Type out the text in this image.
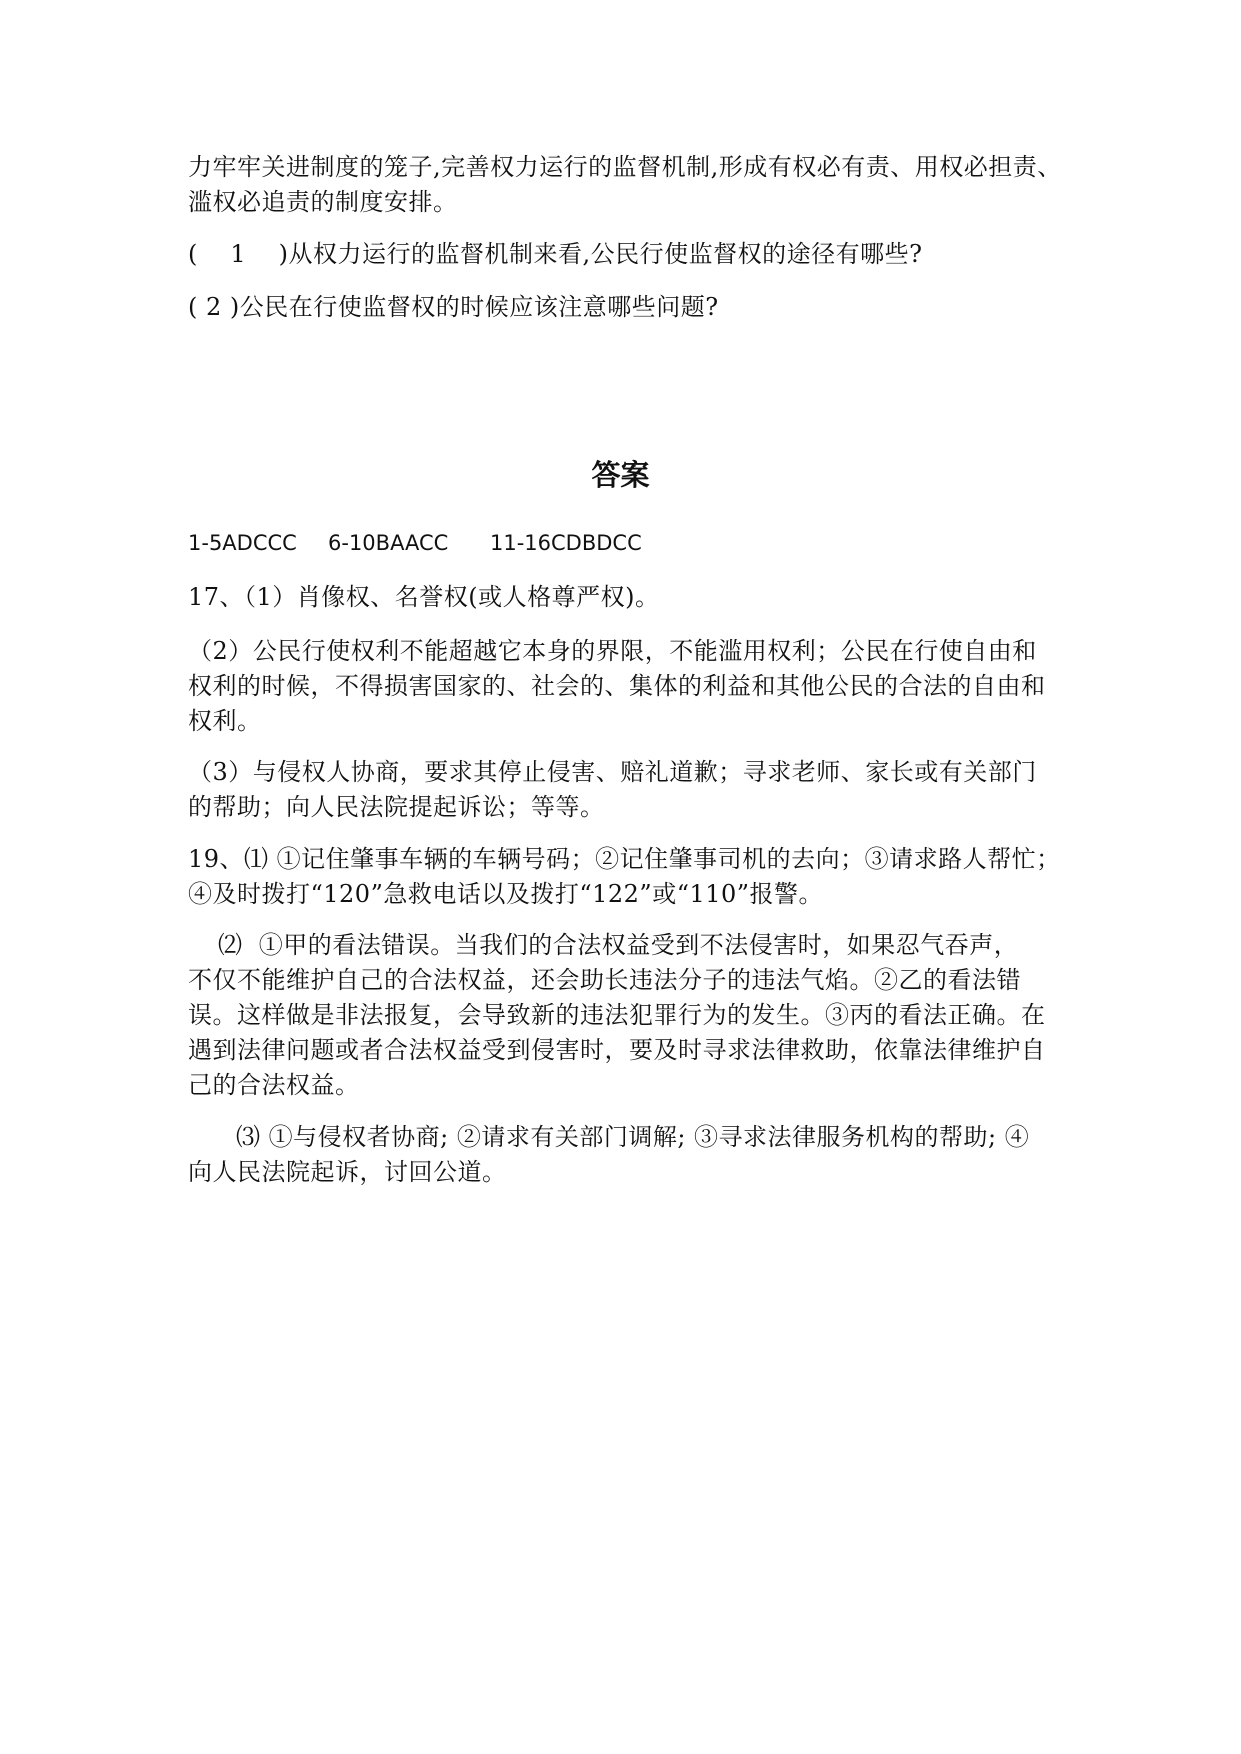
力牢牢关进制度的笼子,完善权力运行的监督机制,形成有权必有责、用权必担责、
滥权必追责的制度安排。
(    1    )从权力运行的监督机制来看,公民行使监督权的途径有哪些?
( 2 )公民在行使监督权的时候应该注意哪些问题?
答案
1-5ADCCC 6-10BAACC 11-16CDBDCC
17、（1）肖像权、名誉权(或人格尊严权)。
（2）公民行使权利不能超越它本身的界限，不能滥用权利；公民在行使自由和
权利的时候，不得损害国家的、社会的、集体的利益和其他公民的合法的自由和
权利。
（3）与侵权人协商，要求其停止侵害、赔礼道歉；寻求老师、家长或有关部门
的帮助；向人民法院提起诉讼；等等。
19、⑴ ①记住肇事车辆的车辆号码；②记住肇事司机的去向；③请求路人帮忙；
④及时拨打“120”急救电话以及拨打“122”或“110”报警。
⑵  ①甲的看法错误。当我们的合法权益受到不法侵害时，如果忍气吞声，
不仅不能维护自己的合法权益，还会助长违法分子的违法气焰。②乙的看法错
误。这样做是非法报复，会导致新的违法犯罪行为的发生。③丙的看法正确。在
遇到法律问题或者合法权益受到侵害时，要及时寻求法律救助，依靠法律维护自
己的合法权益。
⑶ ①与侵权者协商; ②请求有关部门调解; ③寻求法律服务机构的帮助; ④
向人民法院起诉，讨回公道。
